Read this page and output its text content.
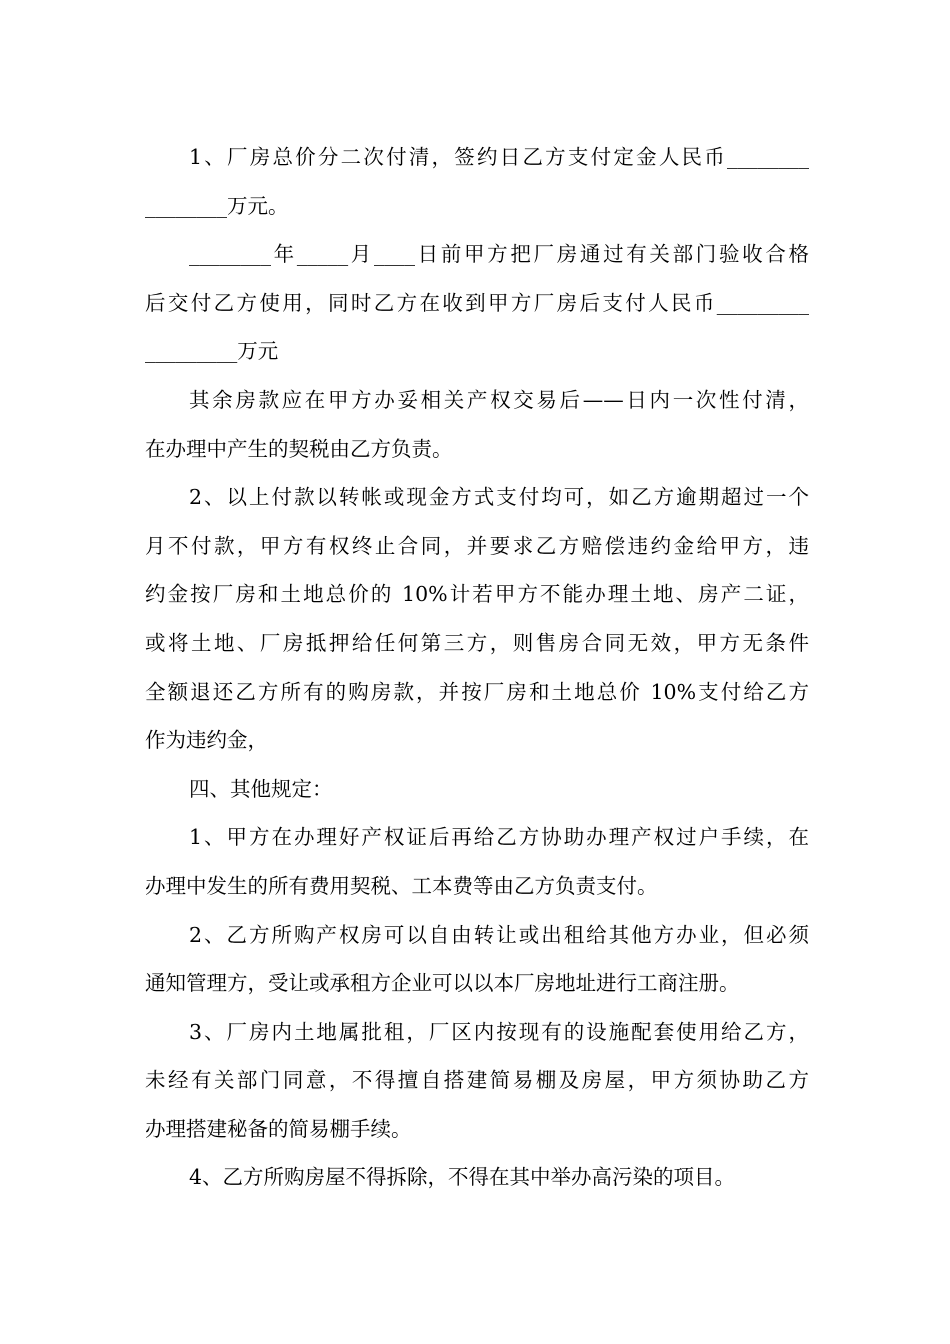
1、厂房总价分二次付清，签约日乙方支付定金人民币________
________万元。
________年_____月____日前甲方把厂房通过有关部门验收合格
后交付乙方使用，同时乙方在收到甲方厂房后支付人民币_________
_________万元
其余房款应在甲方办妥相关产权交易后——日内一次性付清，
在办理中产生的契税由乙方负责。
2、以上付款以转帐或现金方式支付均可，如乙方逾期超过一个
月不付款，甲方有权终止合同，并要求乙方赔偿违约金给甲方，违
约金按厂房和土地总价的 10%计若甲方不能办理土地、房产二证，
或将土地、厂房抵押给任何第三方，则售房合同无效，甲方无条件
全额退还乙方所有的购房款，并按厂房和土地总价 10%支付给乙方
作为违约金，
四、其他规定：
1、甲方在办理好产权证后再给乙方协助办理产权过户手续，在
办理中发生的所有费用契税、工本费等由乙方负责支付。
2、乙方所购产权房可以自由转让或出租给其他方办业，但必须
通知管理方，受让或承租方企业可以以本厂房地址进行工商注册。
3、厂房内土地属批租，厂区内按现有的设施配套使用给乙方，
未经有关部门同意，不得擅自搭建简易棚及房屋，甲方须协助乙方
办理搭建秘备的简易棚手续。
4、乙方所购房屋不得拆除，不得在其中举办高污染的项目。
